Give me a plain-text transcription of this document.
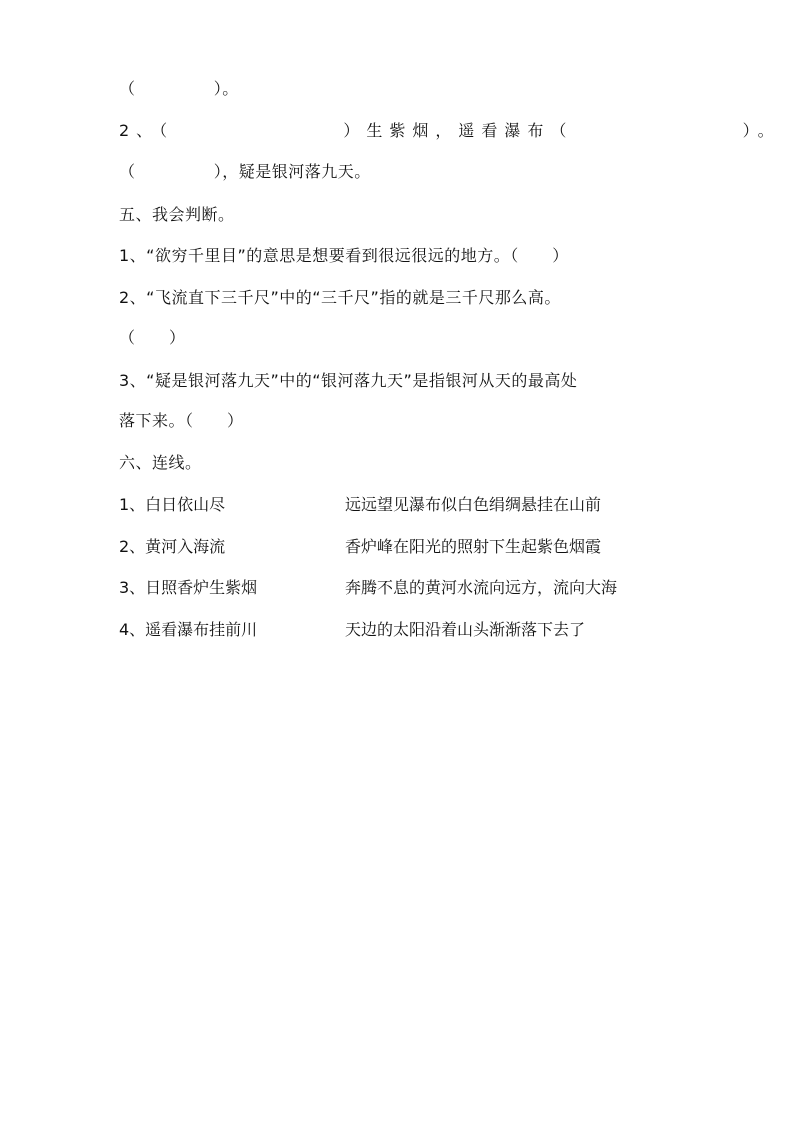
（              ）。
2、（              ）生紫烟，遥看瀑布（              ）。
（              ），疑是银河落九天。
五、我会判断。
1、“欲穷千里目”的意思是想要看到很远很远的地方。（      ）
2、“飞流直下三千尺”中的“三千尺”指的就是三千尺那么高。
（      ）
3、“疑是银河落九天”中的“银河落九天”是指银河从天的最高处
落下来。（      ）
六、连线。
1、白日依山尽	远远望见瀑布似白色绢绸悬挂在山前
2、黄河入海流	香炉峰在阳光的照射下生起紫色烟霞
3、日照香炉生紫烟	奔腾不息的黄河水流向远方，流向大海
4、遥看瀑布挂前川	天边的太阳沿着山头渐渐落下去了
